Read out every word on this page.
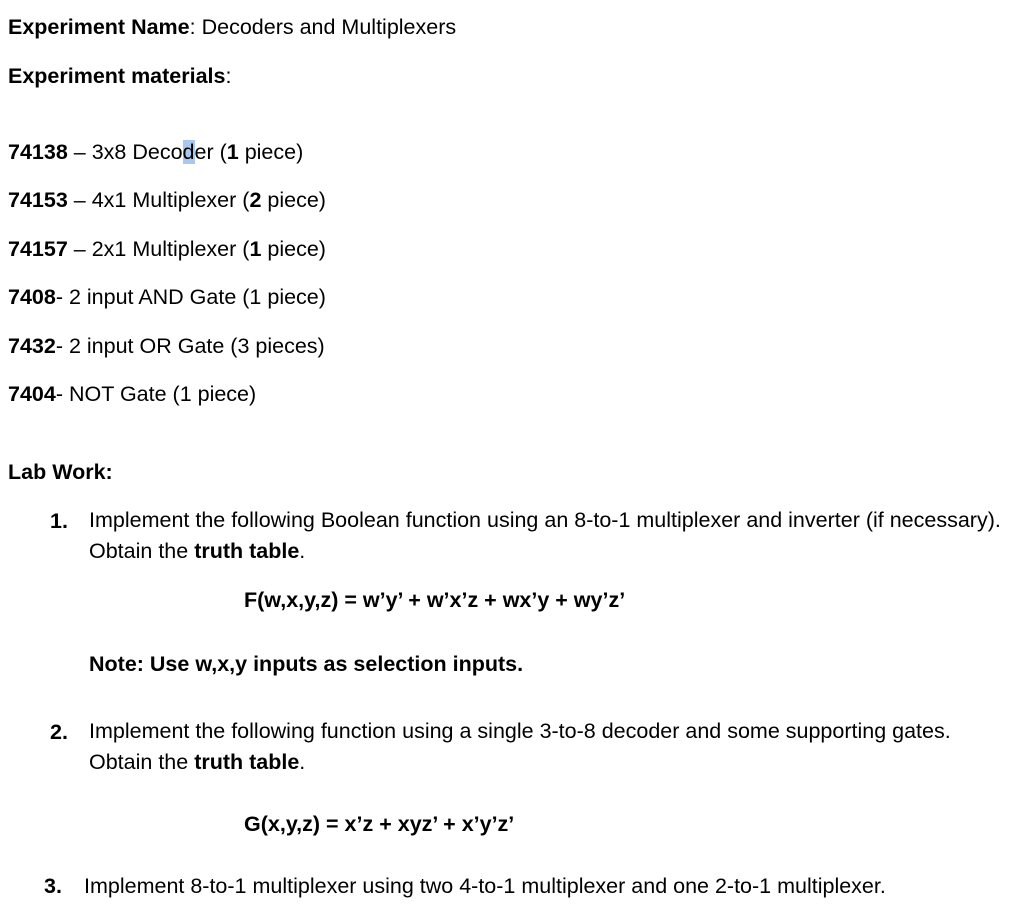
Experiment Name: Decoders and Multiplexers
Experiment materials:
74138 – 3x8 Decoder (1 piece)
74153 – 4x1 Multiplexer (2 piece)
74157 – 2x1 Multiplexer (1 piece)
7408- 2 input AND Gate (1 piece)
7432- 2 input OR Gate (3 pieces)
7404- NOT Gate (1 piece)
Lab Work:
1. Implement the following Boolean function using an 8-to-1 multiplexer and inverter (if necessary). Obtain the truth table.
F(w,x,y,z) = w’y’ + w’x’z + wx’y + wy’z’
Note: Use w,x,y inputs as selection inputs.
2. Implement the following function using a single 3-to-8 decoder and some supporting gates. Obtain the truth table.
G(x,y,z) = x’z + xyz’ + x’y’z’
3. Implement 8-to-1 multiplexer using two 4-to-1 multiplexer and one 2-to-1 multiplexer.
